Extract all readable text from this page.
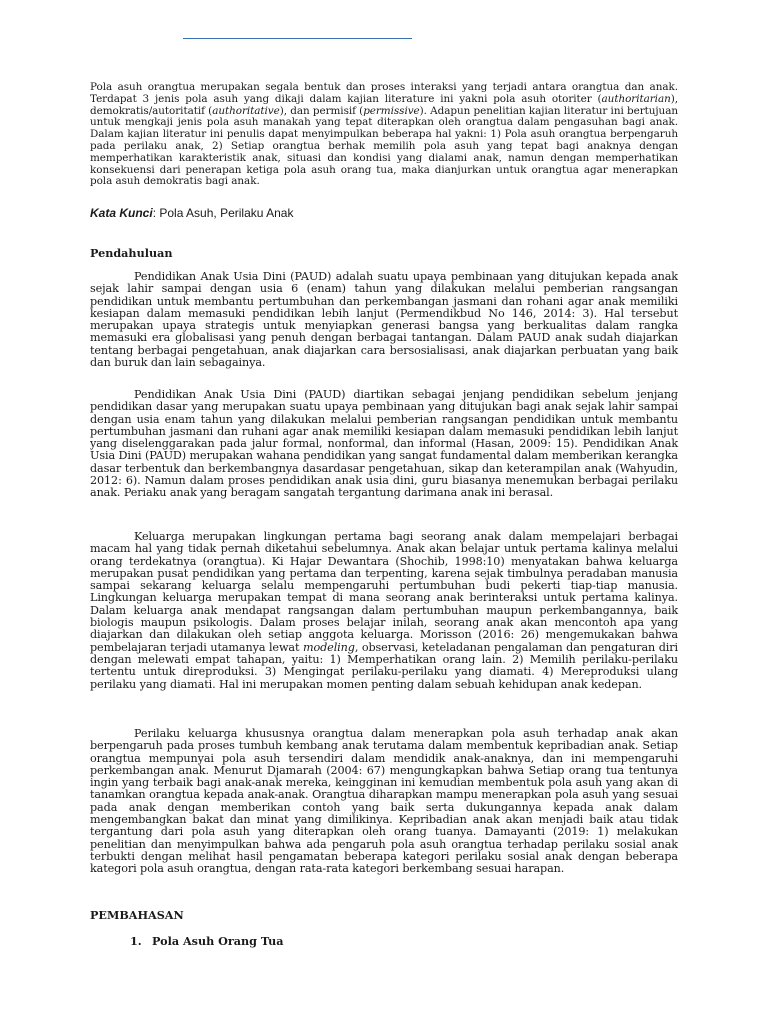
Pola asuh orangtua merupakan segala bentuk dan proses interaksi yang terjadi antara orangtua dan anak. Terdapat 3 jenis pola asuh yang dikaji dalam kajian literature ini yakni pola asuh otoriter (authoritarian), demokratis/autoritatif (authoritative), dan permisif (permissive). Adapun penelitian kajian literatur ini bertujuan untuk mengkaji jenis pola asuh manakah yang tepat diterapkan oleh orangtua dalam pengasuhan bagi anak. Dalam kajian literatur ini penulis dapat menyimpulkan beberapa hal yakni: 1) Pola asuh orangtua berpengaruh pada perilaku anak, 2) Setiap orangtua berhak memilih pola asuh yang tepat bagi anaknya dengan memperhatikan karakteristik anak, situasi dan kondisi yang dialami anak, namun dengan memperhatikan konsekuensi dari penerapan ketiga pola asuh orang tua, maka dianjurkan untuk orangtua agar menerapkan pola asuh demokratis bagi anak.
Kata Kunci: Pola Asuh, Perilaku Anak
Pendahuluan

Pendidikan Anak Usia Dini (PAUD) adalah suatu upaya pembinaan yang ditujukan kepada anak sejak lahir sampai dengan usia 6 (enam) tahun yang dilakukan melalui pemberian rangsangan pendidikan untuk membantu pertumbuhan dan perkembangan jasmani dan rohani agar anak memiliki kesiapan dalam memasuki pendidikan lebih lanjut (Permendikbud No 146, 2014: 3). Hal tersebut merupakan upaya strategis untuk menyiapkan generasi bangsa yang berkualitas dalam rangka memasuki era globalisasi yang penuh dengan berbagai tantangan. Dalam PAUD anak sudah diajarkan tentang berbagai pengetahuan, anak diajarkan cara bersosialisasi, anak diajarkan perbuatan yang baik dan buruk dan lain sebagainya.

Pendidikan Anak Usia Dini (PAUD) diartikan sebagai jenjang pendidikan sebelum jenjang pendidikan dasar yang merupakan suatu upaya pembinaan yang ditujukan bagi anak sejak lahir sampai dengan usia enam tahun yang dilakukan melalui pemberian rangsangan pendidikan untuk membantu pertumbuhan jasmani dan ruhani agar anak memiliki kesiapan dalam memasuki pendidikan lebih lanjut yang diselenggarakan pada jalur formal, nonformal, dan informal (Hasan, 2009: 15). Pendidikan Anak Usia Dini (PAUD) merupakan wahana pendidikan yang sangat fundamental dalam memberikan kerangka dasar terbentuk dan berkembangnya dasardasar pengetahuan, sikap dan keterampilan anak (Wahyudin, 2012: 6). Namun dalam proses pendidikan anak usia dini, guru biasanya menemukan berbagai perilaku anak. Periaku anak yang beragam sangatah tergantung darimana anak ini berasal.

Keluarga merupakan lingkungan pertama bagi seorang anak dalam mempelajari berbagai macam hal yang tidak pernah diketahui sebelumnya. Anak akan belajar untuk pertama kalinya melalui orang terdekatnya (orangtua). Ki Hajar Dewantara (Shochib, 1998:10) menyatakan bahwa keluarga merupakan pusat pendidikan yang pertama dan terpenting, karena sejak timbulnya peradaban manusia sampai sekarang keluarga selalu mempengaruhi pertumbuhan budi pekerti tiap-tiap manusia. Lingkungan keluarga merupakan tempat di mana seorang anak berinteraksi untuk pertama kalinya. Dalam keluarga anak mendapat rangsangan dalam pertumbuhan maupun perkembangannya, baik biologis maupun psikologis. Dalam proses belajar inilah, seorang anak akan mencontoh apa yang diajarkan dan dilakukan oleh setiap anggota keluarga. Morisson (2016: 26) mengemukakan bahwa pembelajaran terjadi utamanya lewat modeling, observasi, keteladanan pengalaman dan pengaturan diri dengan melewati empat tahapan, yaitu: 1) Memperhatikan orang lain. 2) Memilih perilaku-perilaku tertentu untuk direproduksi. 3) Mengingat perilaku-perilaku yang diamati. 4) Mereproduksi ulang perilaku yang diamati. Hal ini merupakan momen penting dalam sebuah kehidupan anak kedepan.

Perilaku keluarga khususnya orangtua dalam menerapkan pola asuh terhadap anak akan berpengaruh pada proses tumbuh kembang anak terutama dalam membentuk kepribadian anak. Setiap orangtua mempunyai pola asuh tersendiri dalam mendidik anak-anaknya, dan ini mempengaruhi perkembangan anak. Menurut Djamarah (2004: 67) mengungkapkan bahwa Setiap orang tua tentunya ingin yang terbaik bagi anak-anak mereka, keingginan ini kemudian membentuk pola asuh yang akan di tanamkan orangtua kepada anak-anak. Orangtua diharapkan mampu menerapkan pola asuh yang sesuai pada anak dengan memberikan contoh yang baik serta dukungannya kepada anak dalam mengembangkan bakat dan minat yang dimilikinya. Kepribadian anak akan menjadi baik atau tidak tergantung dari pola asuh yang diterapkan oleh orang tuanya. Damayanti (2019: 1) melakukan penelitian dan menyimpulkan bahwa ada pengaruh pola asuh orangtua terhadap perilaku sosial anak terbukti dengan melihat hasil pengamatan beberapa kategori perilaku sosial anak dengan beberapa kategori pola asuh orangtua, dengan rata-rata kategori berkembang sesuai harapan.

PEMBAHASAN
1. Pola Asuh Orang Tua
